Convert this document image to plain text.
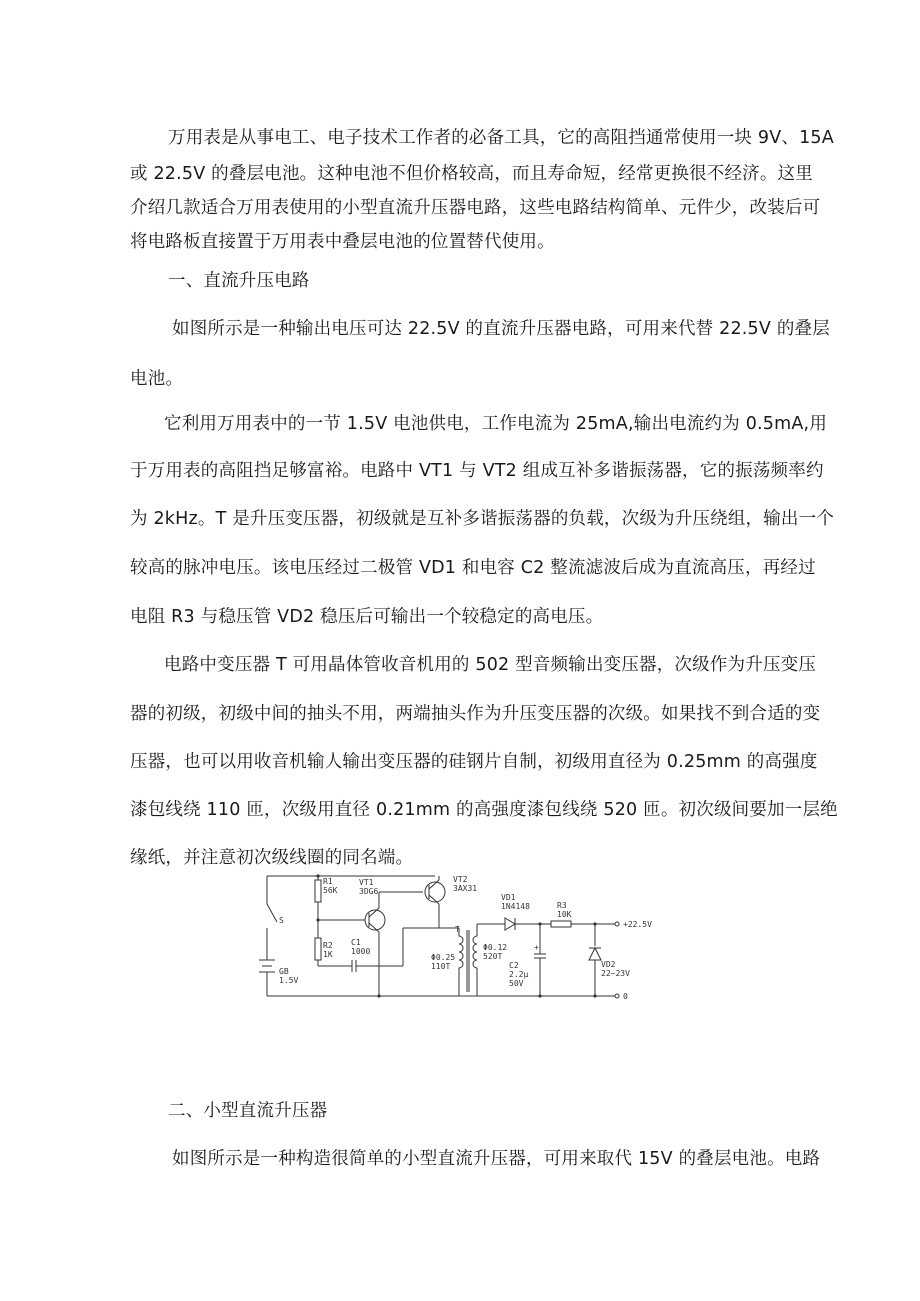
万用表是从事电工、电子技术工作者的必备工具，它的高阻挡通常使用一块 9V、15A
或 22.5V 的叠层电池。这种电池不但价格较高，而且寿命短，经常更换很不经济。这里
介绍几款适合万用表使用的小型直流升压器电路，这些电路结构简单、元件少，改装后可
将电路板直接置于万用表中叠层电池的位置替代使用。
一、直流升压电路
如图所示是一种输出电压可达 22.5V 的直流升压器电路，可用来代替 22.5V 的叠层
电池。
它利用万用表中的一节 1.5V 电池供电，工作电流为 25mA,输出电流约为 0.5mA,用
于万用表的高阻挡足够富裕。电路中 VT1 与 VT2 组成互补多谐振荡器，它的振荡频率约
为 2kHz。T 是升压变压器，初级就是互补多谐振荡器的负载，次级为升压绕组，输出一个
较高的脉冲电压。该电压经过二极管 VD1 和电容 C2 整流滤波后成为直流高压，再经过
电阻 R3 与稳压管 VD2 稳压后可输出一个较稳定的高电压。
电路中变压器 T 可用晶体管收音机用的 502 型音频输出变压器，次级作为升压变压
器的初级，初级中间的抽头不用，两端抽头作为升压变压器的次级。如果找不到合适的变
压器，也可以用收音机输人输出变压器的硅钢片自制，初级用直径为 0.25mm 的高强度
漆包线绕 110 匝，次级用直径 0.21mm 的高强度漆包线绕 520 匝。初次级间要加一层绝
缘纸，并注意初次级线圈的同名端。
R1
56K
VT1
3DG6
VT2
3AX31
VD1
1N4148	R3
10K
+22.5V
S
R2
1K
C1
1000
T
Φ0.25
110T
Φ0.12
520T
+
C2
2.2μ
50V
VD2
22~23V
GB
1.5V
0
二、小型直流升压器
如图所示是一种构造很简单的小型直流升压器，可用来取代 15V 的叠层电池。电路
